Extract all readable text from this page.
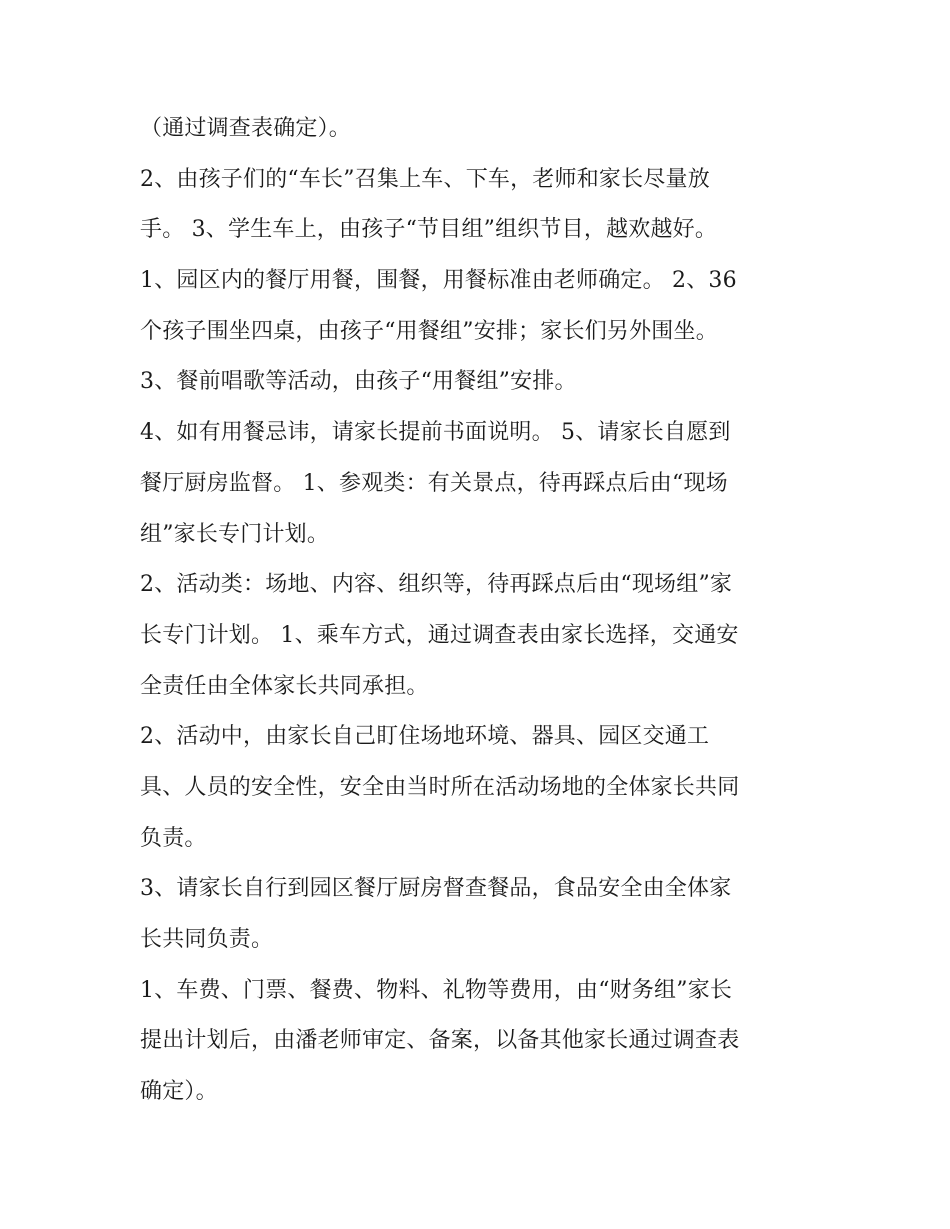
（通过调查表确定）。
2、由孩子们的“车长”召集上车、下车，老师和家长尽量放
手。 3、学生车上，由孩子“节目组”组织节目，越欢越好。
1、园区内的餐厅用餐，围餐，用餐标准由老师确定。 2、36
个孩子围坐四桌，由孩子“用餐组”安排；家长们另外围坐。
3、餐前唱歌等活动，由孩子“用餐组”安排。
4、如有用餐忌讳，请家长提前书面说明。 5、请家长自愿到
餐厅厨房监督。 1、参观类：有关景点，待再踩点后由“现场
组”家长专门计划。
2、活动类：场地、内容、组织等，待再踩点后由“现场组”家
长专门计划。 1、乘车方式，通过调查表由家长选择，交通安
全责任由全体家长共同承担。
2、活动中，由家长自己盯住场地环境、器具、园区交通工
具、人员的安全性，安全由当时所在活动场地的全体家长共同
负责。
3、请家长自行到园区餐厅厨房督查餐品，食品安全由全体家
长共同负责。
1、车费、门票、餐费、物料、礼物等费用，由“财务组”家长
提出计划后，由潘老师审定、备案，以备其他家长通过调查表
确定）。
